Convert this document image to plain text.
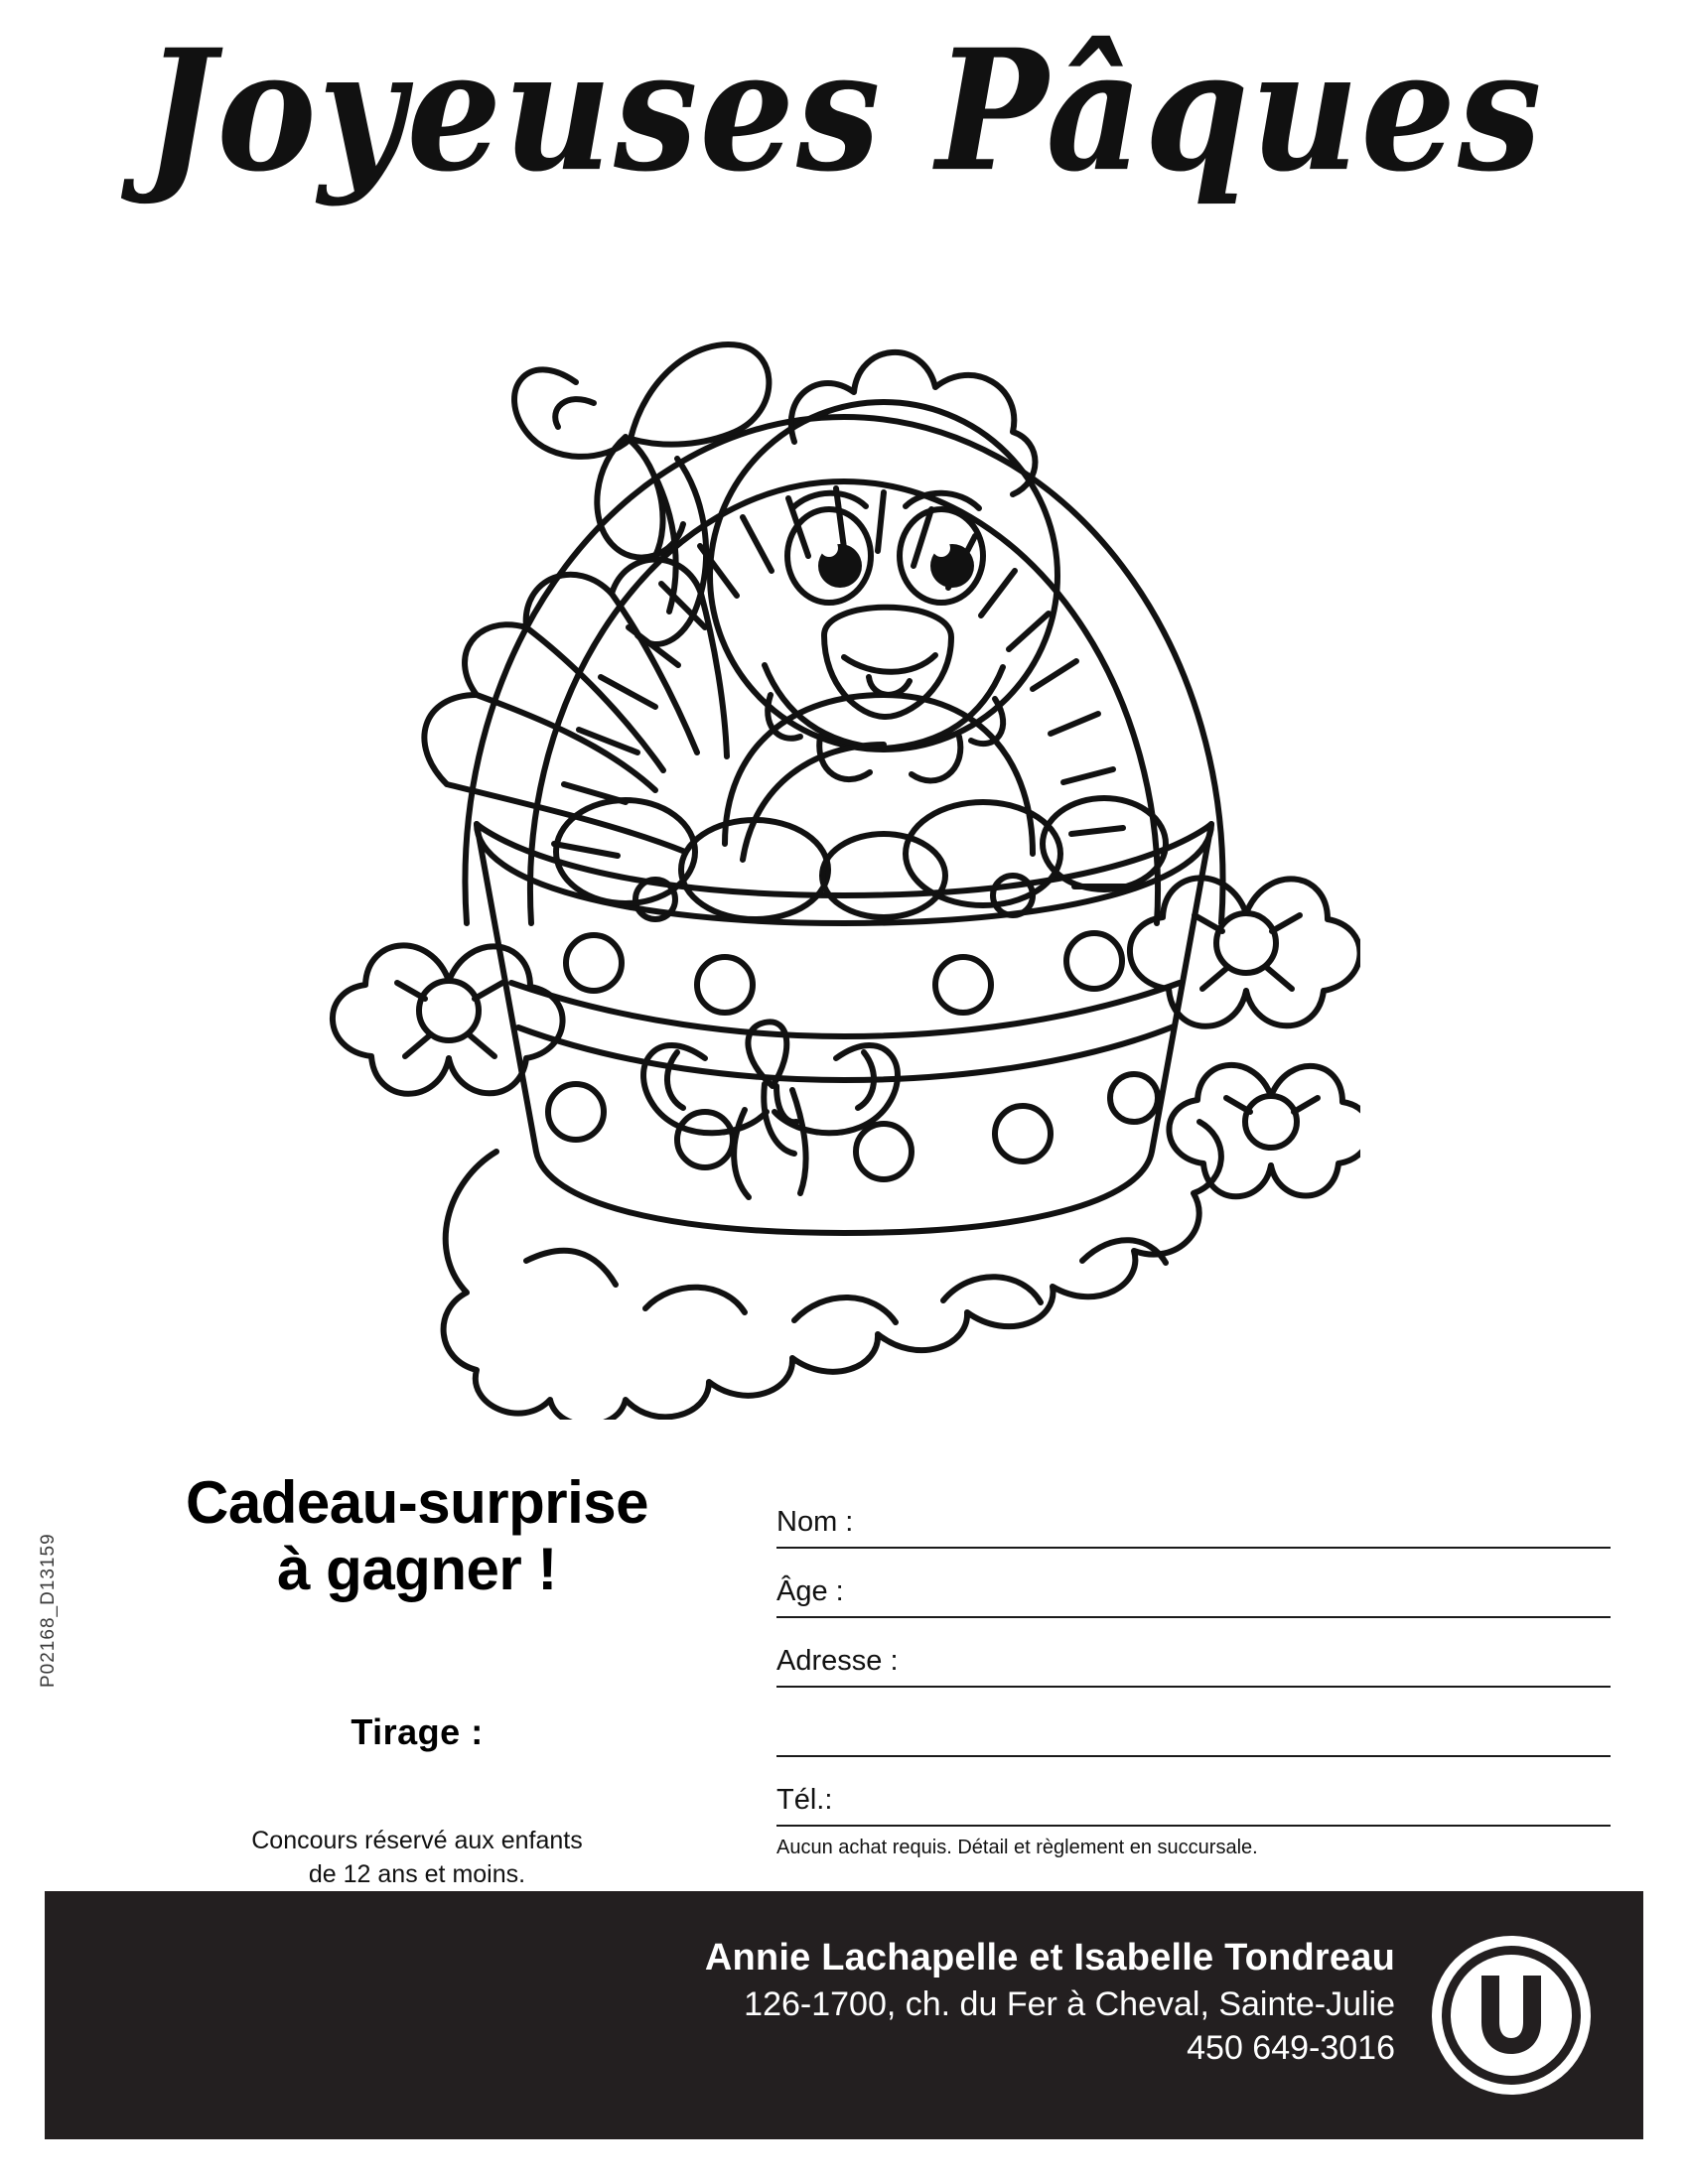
Joyeuses Pâques
P02168_D13159
Cadeau-surprise
à gagner !
Tirage :
Concours réservé aux enfants
de 12 ans et moins.
Nom :
Âge :
Adresse :
Tél.:
Aucun achat requis. Détail et règlement en succursale.
Annie Lachapelle et Isabelle Tondreau
126-1700, ch. du Fer à Cheval, Sainte-Julie
450 649-3016
